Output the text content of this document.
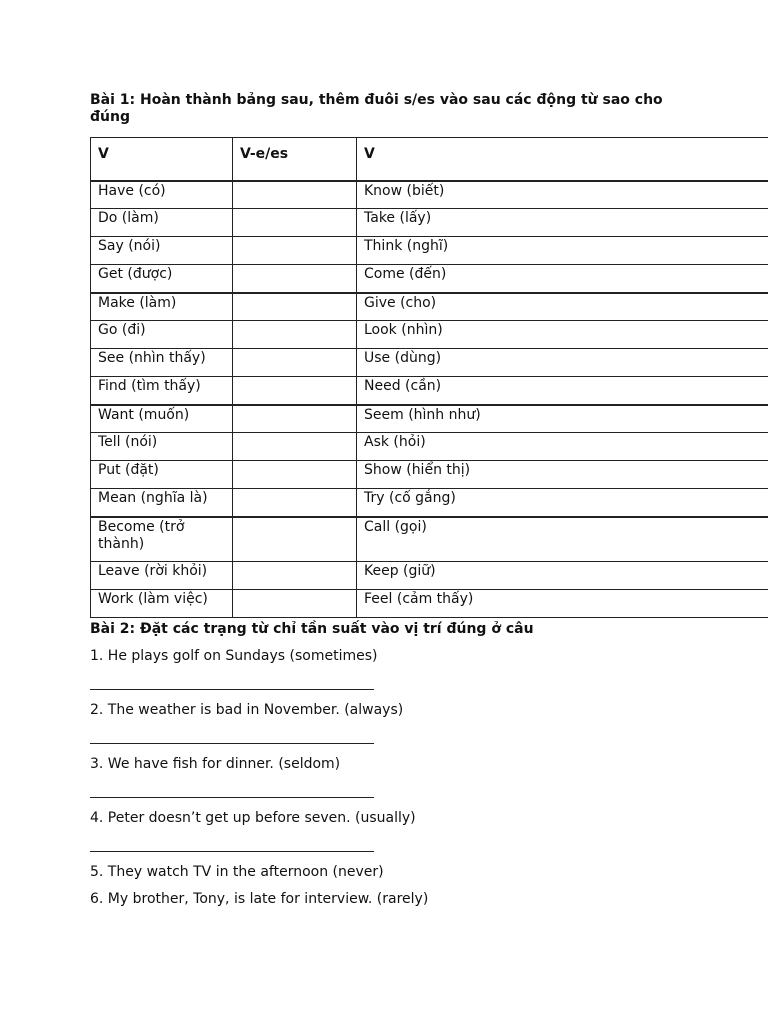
Bài 1: Hoàn thành bảng sau, thêm đuôi s/es vào sau các động từ sao cho đúng
V	V-e/es	V
Have (có)		Know (biết)
Do (làm)		Take (lấy)
Say (nói)		Think (nghĩ)
Get (được)		Come (đến)
Make (làm)		Give (cho)
Go (đi)		Look (nhìn)
See (nhìn thấy)		Use (dùng)
Find (tìm thấy)		Need (cần)
Want (muốn)		Seem (hình như)
Tell (nói)		Ask (hỏi)
Put (đặt)		Show (hiển thị)
Mean (nghĩa là)		Try (cố gắng)
Become (trở thành)		Call (gọi)
Leave (rời khỏi)		Keep (giữ)
Work (làm việc)		Feel (cảm thấy)
Bài 2: Đặt các trạng từ chỉ tần suất vào vị trí đúng ở câu
1. He plays golf on Sundays (sometimes)
2. The weather is bad in November. (always)
3. We have fish for dinner. (seldom)
4. Peter doesn’t get up before seven. (usually)
5. They watch TV in the afternoon (never)
6. My brother, Tony, is late for interview. (rarely)
